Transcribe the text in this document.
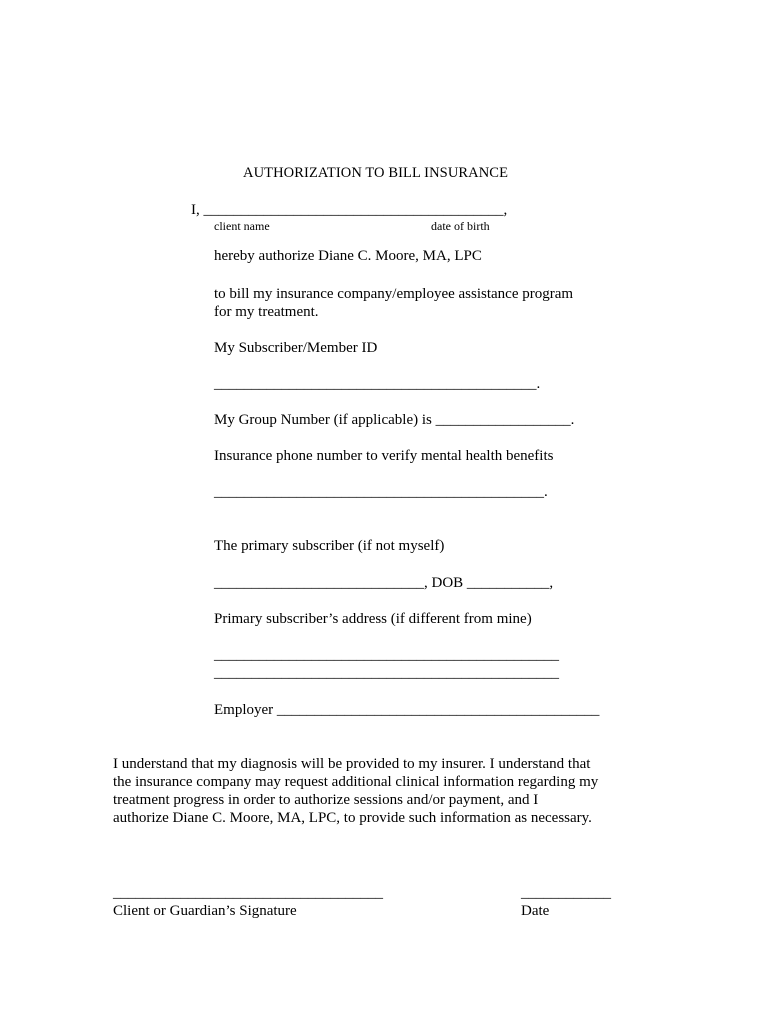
AUTHORIZATION TO BILL INSURANCE
I, ________________________________________,
client name	date of birth
hereby authorize Diane C. Moore, MA, LPC
to bill my insurance company/employee assistance program
for my treatment.
My Subscriber/Member ID
___________________________________________.
My Group Number (if applicable) is __________________.
Insurance phone number to verify mental health benefits
____________________________________________.
The primary subscriber (if not myself)
____________________________, DOB ___________,
Primary subscriber’s address (if different from mine)
______________________________________________
______________________________________________
Employer ___________________________________________
I understand that my diagnosis will be provided to my insurer. I understand that
the insurance company may request additional clinical information regarding my
treatment progress in order to authorize sessions and/or payment, and I
authorize Diane C. Moore, MA, LPC, to provide such information as necessary.
____________________________________
Client or Guardian’s Signature
____________
Date
